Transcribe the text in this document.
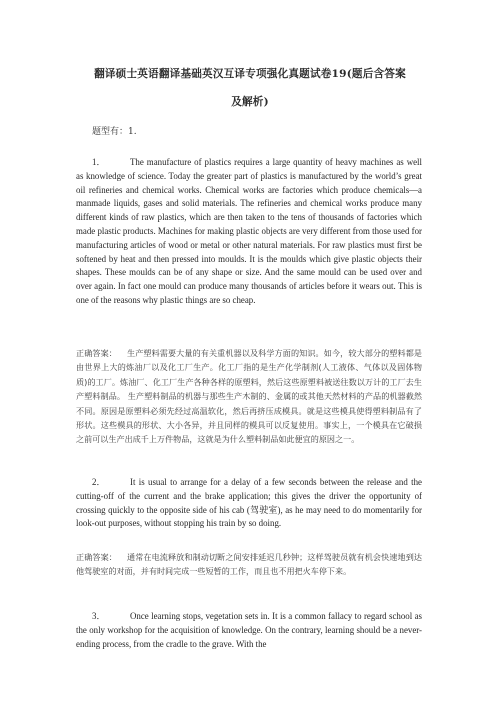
翻译硕士英语翻译基础英汉互译专项强化真题试卷19(题后含答案

及解析)

题型有：1.

1．	The manufacture of plastics requires a large quantity of heavy machines as well as knowledge of science. Today the greater part of plastics is manufactured by the world’s great oil refineries and chemical works. Chemical works are factories which produce chemicals—a manmade liquids, gases and solid materials. The refineries and chemical works produce many different kinds of raw plastics, which are then taken to the tens of thousands of factories which made plastic products. Machines for making plastic objects are very different from those used for manufacturing articles of wood or metal or other natural materials. For raw plastics must first be softened by heat and then pressed into moulds. It is the moulds which give plastic objects their shapes. These moulds can be of any shape or size. And the same mould can be used over and over again. In fact one mould can produce many thousands of articles before it wears out. This is one of the reasons why plastic things are so cheap.

正确答案： 生产塑料需要大量的有关重机器以及科学方面的知识。如今，较大部分的塑料都是由世界上大的炼油厂以及化工厂生产。化工厂指的是生产化学制剂(人工液体、气体以及固体物质)的工厂。炼油厂、化工厂生产各种各样的原塑料，然后这些原塑料被送往数以万计的工厂去生产塑料制品。 生产塑料制品的机器与那些生产木制的、金属的或其他天然材料的产品的机器截然不同。原因是原塑料必须先经过高温软化，然后再挤压成模具。就是这些模具使得塑料制品有了形状。这些模具的形状、大小各异，并且同样的模具可以反复使用。事实上，一个模具在它破损之前可以生产出成千上万件物品，这就是为什么塑料制品如此便宜的原因之一。

2．	It is usual to arrange for a delay of a few seconds between the release and the cutting-off of the current and the brake application; this gives the driver the opportunity of crossing quickly to the opposite side of his cab (驾驶室), as he may need to do momentarily for look-out purposes, without stopping his train by so doing.

正确答案： 通常在电流释放和制动切断之间安排延迟几秒钟；这样驾驶员就有机会快速地到达他驾驶室的对面，并有时间完成一些短暂的工作，而且也不用把火车停下来。

3．	Once learning stops, vegetation sets in. It is a common fallacy to regard school as the only workshop for the acquisition of knowledge. On the contrary, learning should be a never-ending process, from the cradle to the grave. With the
